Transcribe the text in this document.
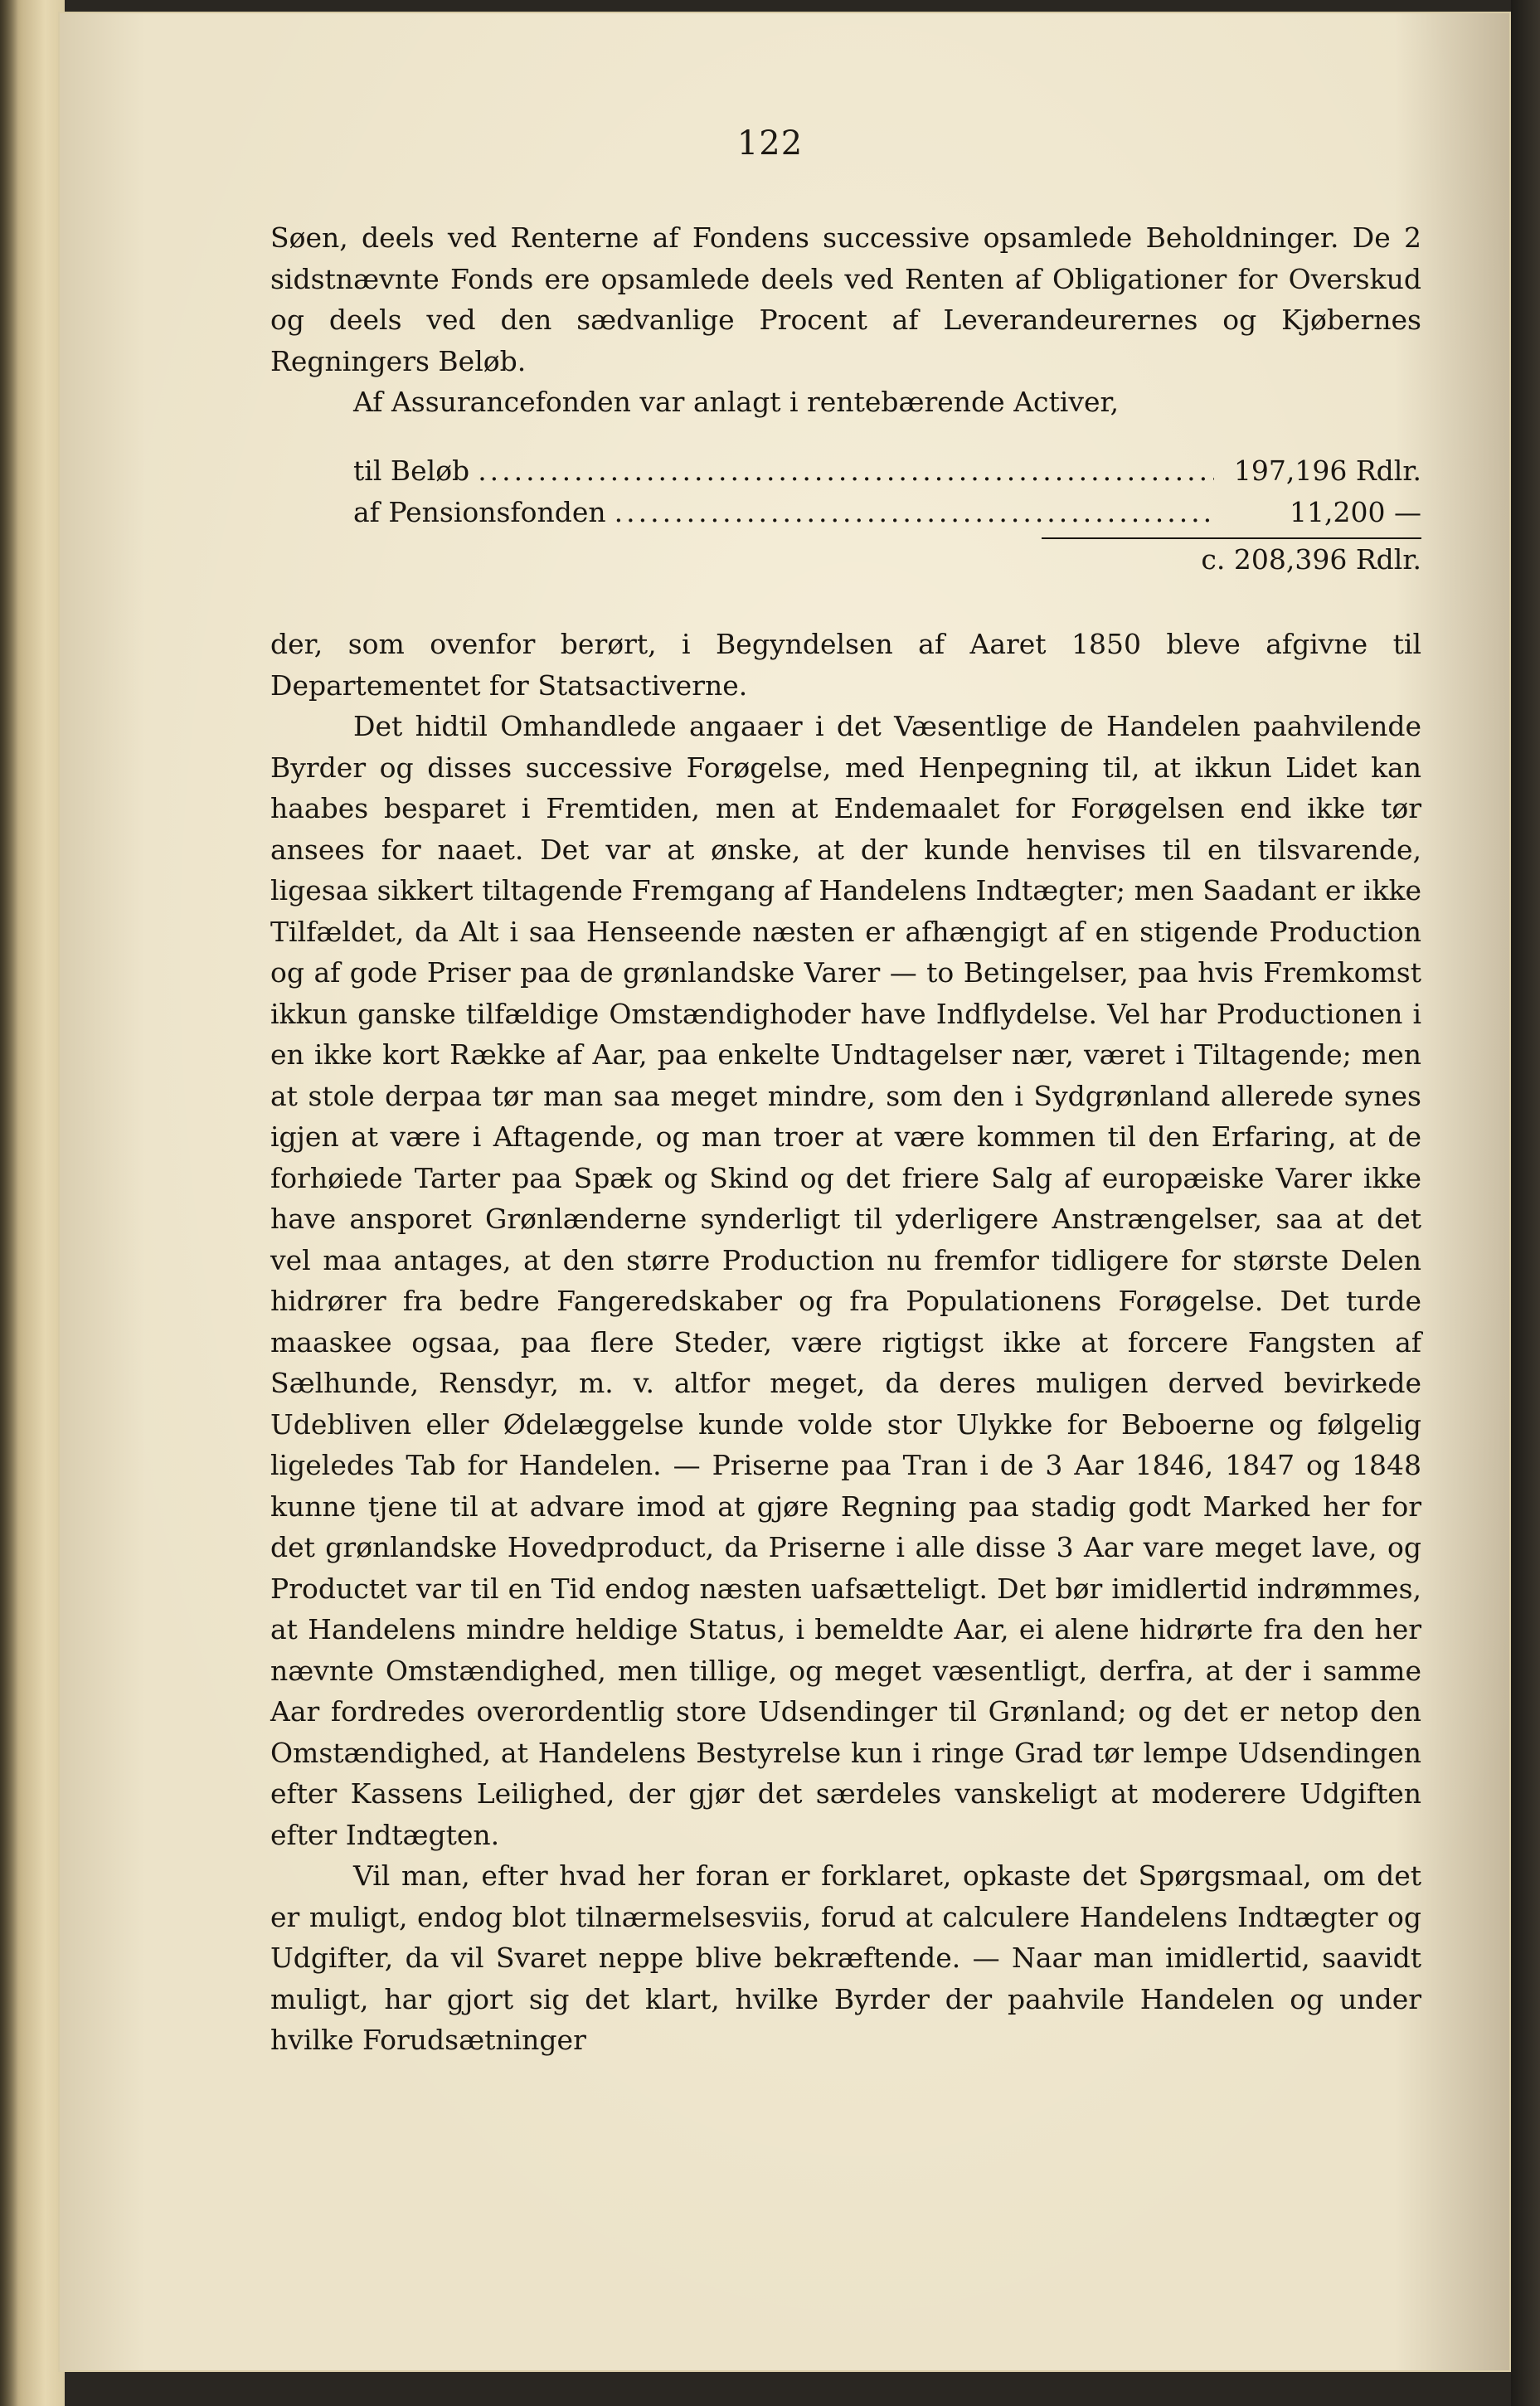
122

Søen, deels ved Renterne af Fondens successive opsamlede Beholdninger. De 2 sidstnævnte Fonds ere opsamlede deels ved Renten af Obligationer for Overskud og deels ved den sædvanlige Procent af Leverandeurernes og Kjøbernes Regningers Beløb.

Af Assurancefonden var anlagt i rentebærende Activer,

til Beløb .....	197,196 Rdlr.
af Pensionsfonden .....	11,200 —
c. 208,396 Rdlr.

der, som ovenfor berørt, i Begyndelsen af Aaret 1850 bleve afgivne til Departementet for Statsactiverne.

Det hidtil Omhandlede angaaer i det Væsentlige de Handelen paahvilende Byrder og disses successive Forøgelse, med Henpegning til, at ikkun Lidet kan haabes besparet i Fremtiden, men at Endemaalet for Forøgelsen end ikke tør ansees for naaet. Det var at ønske, at der kunde henvises til en tilsvarende, ligesaa sikkert tiltagende Fremgang af Handelens Indtægter; men Saadant er ikke Tilfældet, da Alt i saa Henseende næsten er afhængigt af en stigende Production og af gode Priser paa de grønlandske Varer — to Betingelser, paa hvis Fremkomst ikkun ganske tilfældige Omstændighoder have Indflydelse. Vel har Productionen i en ikke kort Række af Aar, paa enkelte Undtagelser nær, været i Tiltagende; men at stole derpaa tør man saa meget mindre, som den i Sydgrønland allerede synes igjen at være i Aftagende, og man troer at være kommen til den Erfaring, at de forhøiede Tarter paa Spæk og Skind og det friere Salg af europæiske Varer ikke have ansporet Grønlænderne synderligt til yderligere Anstrængelser, saa at det vel maa antages, at den større Production nu fremfor tidligere for største Delen hidrører fra bedre Fangeredskaber og fra Populationens Forøgelse. Det turde maaskee ogsaa, paa flere Steder, være rigtigst ikke at forcere Fangsten af Sælhunde, Rensdyr, m. v. altfor meget, da deres muligen derved bevirkede Udebliven eller Ødelæggelse kunde volde stor Ulykke for Beboerne og følgelig ligeledes Tab for Handelen. — Priserne paa Tran i de 3 Aar 1846, 1847 og 1848 kunne tjene til at advare imod at gjøre Regning paa stadig godt Marked her for det grønlandske Hovedproduct, da Priserne i alle disse 3 Aar vare meget lave, og Productet var til en Tid endog næsten uafsætteligt. Det bør imidlertid indrømmes, at Handelens mindre heldige Status, i bemeldte Aar, ei alene hidrørte fra den her nævnte Omstændighed, men tillige, og meget væsentligt, derfra, at der i samme Aar fordredes overordentlig store Udsendinger til Grønland; og det er netop den Omstændighed, at Handelens Bestyrelse kun i ringe Grad tør lempe Udsendingen efter Kassens Leilighed, der gjør det særdeles vanskeligt at moderere Udgiften efter Indtægten.

Vil man, efter hvad her foran er forklaret, opkaste det Spørgsmaal, om det er muligt, endog blot tilnærmelsesviis, forud at calculere Handelens Indtægter og Udgifter, da vil Svaret neppe blive bekræftende. — Naar man imidlertid, saavidt muligt, har gjort sig det klart, hvilke Byrder der paahvile Handelen og under hvilke Forudsætninger
